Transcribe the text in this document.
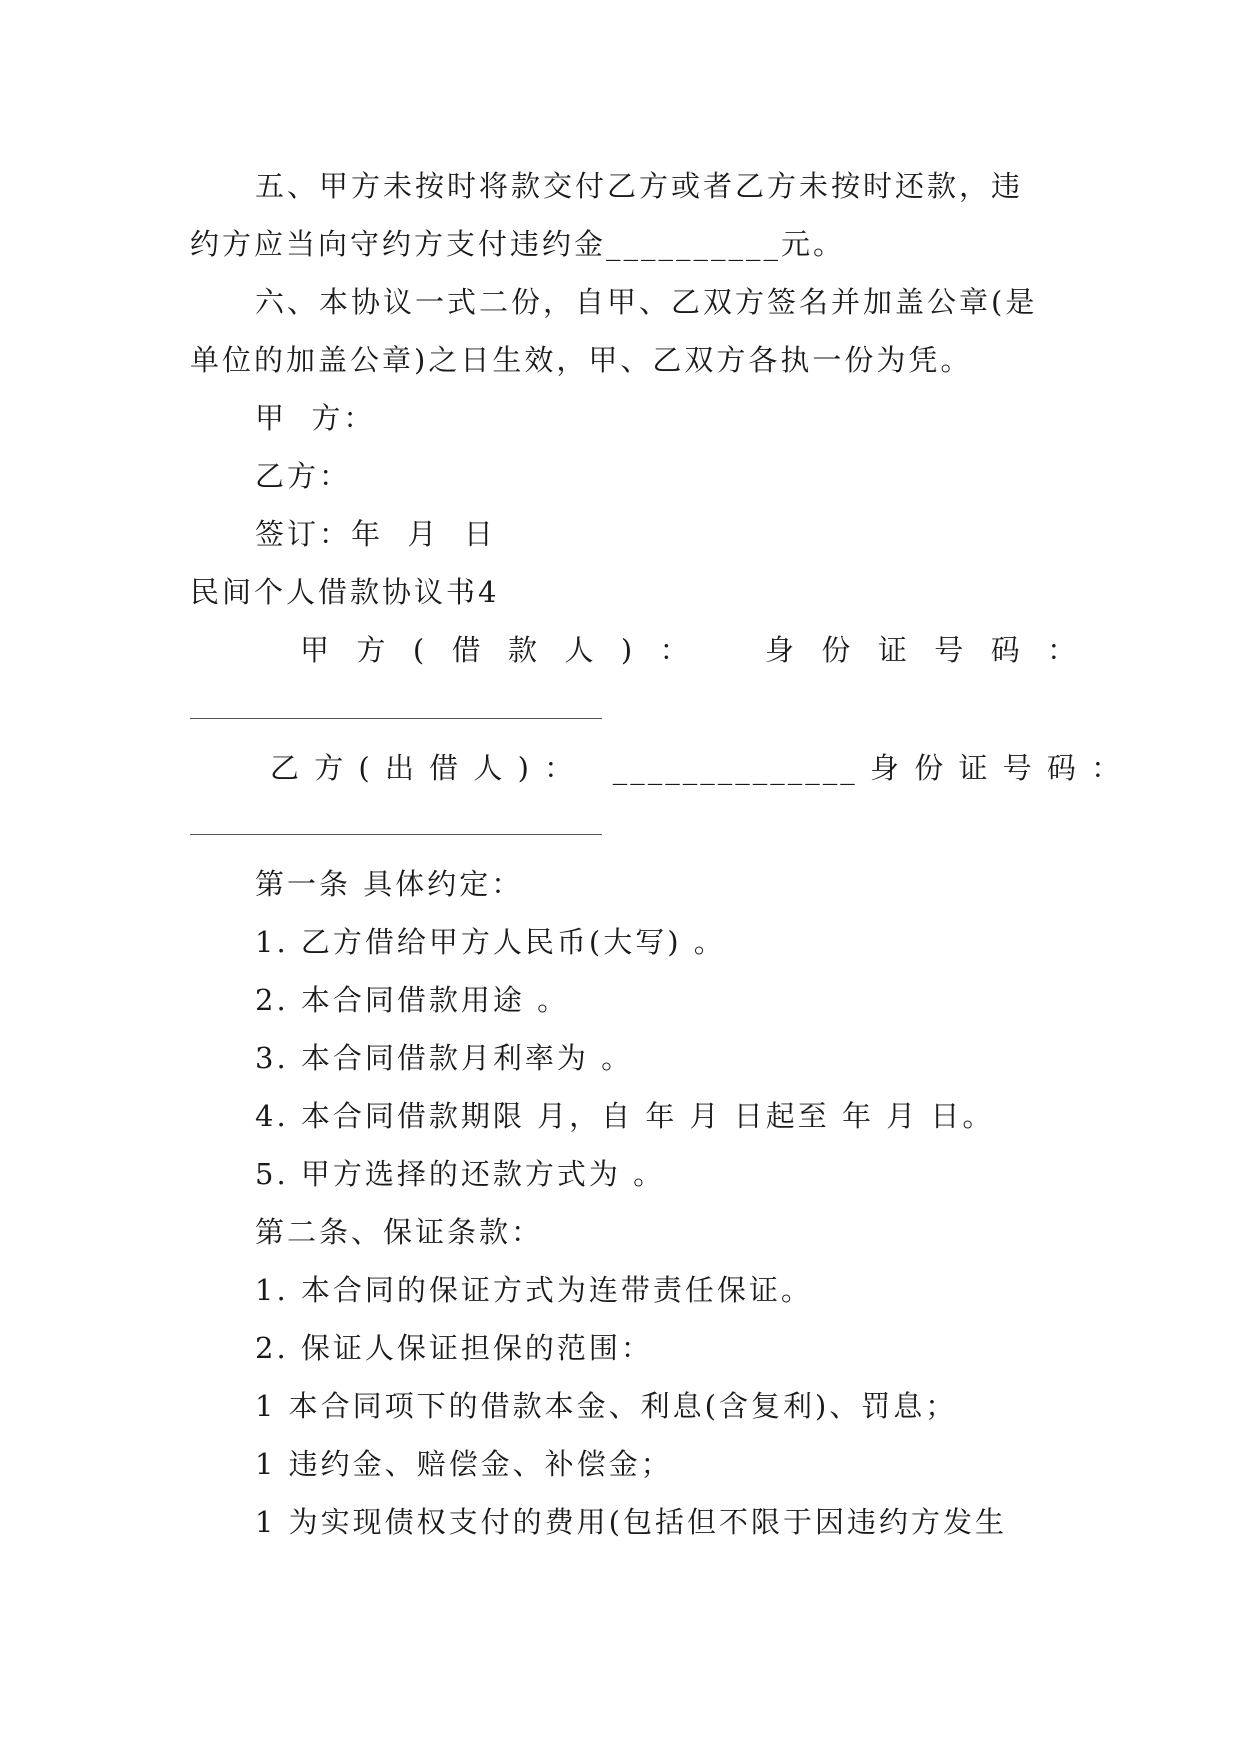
五、甲方未按时将款交付乙方或者乙方未按时还款，违
约方应当向守约方支付违约金__________元。
六、本协议一式二份，自甲、乙双方签名并加盖公章(是
单位的加盖公章)之日生效，甲、乙双方各执一份为凭。
甲  方：
乙方：
签订：年  月  日
民间个人借款协议书4
甲  方  (  借  款  人  )  ：      身  份  证  号  码  ：
乙 方 ( 出 借 人 ) ：   ______________ 身 份 证 号 码 ：
第一条 具体约定：
1. 乙方借给甲方人民币(大写) 。
2. 本合同借款用途 。
3. 本合同借款月利率为 。
4. 本合同借款期限 月，自 年 月 日起至 年 月 日。
5. 甲方选择的还款方式为 。
第二条、保证条款：
1. 本合同的保证方式为连带责任保证。
2. 保证人保证担保的范围：
1 本合同项下的借款本金、利息(含复利)、罚息；
1 违约金、赔偿金、补偿金；
1 为实现债权支付的费用(包括但不限于因违约方发生
